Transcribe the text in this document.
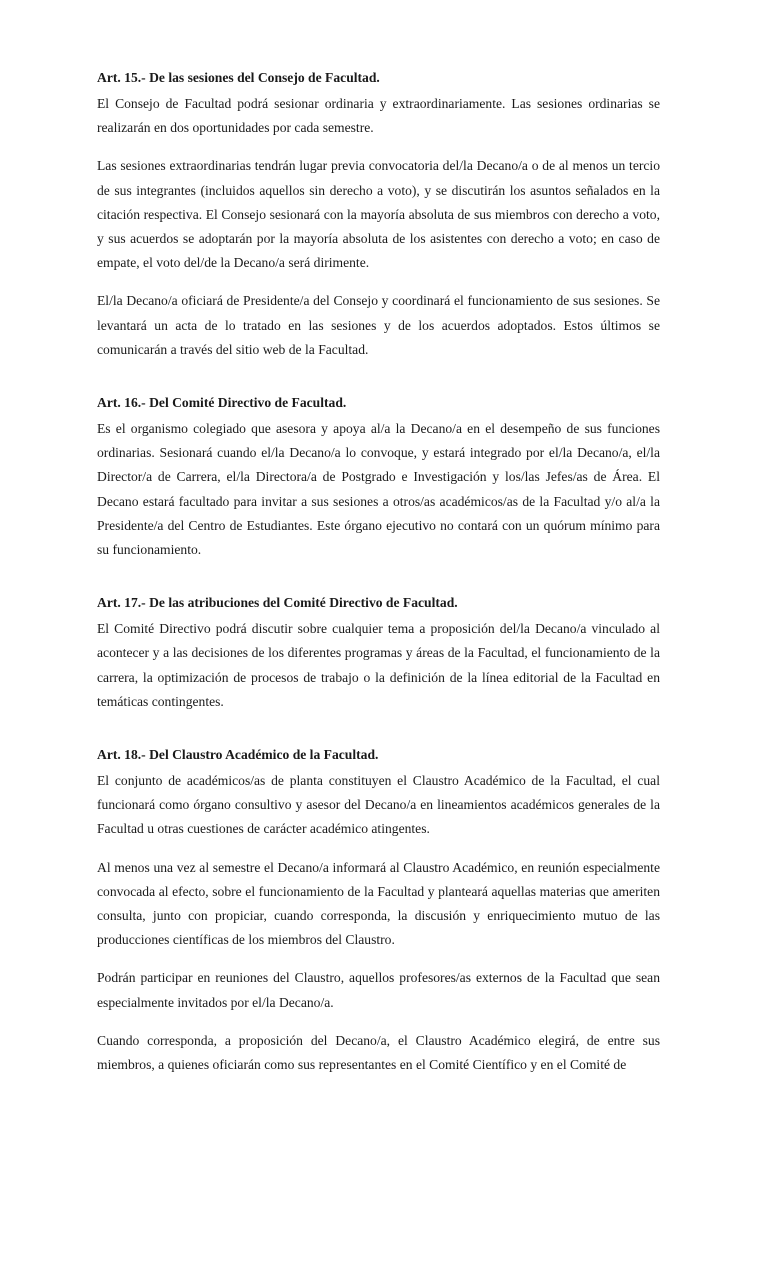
Art. 15.- De las sesiones del Consejo de Facultad.

El Consejo de Facultad podrá sesionar ordinaria y extraordinariamente. Las sesiones ordinarias se realizarán en dos oportunidades por cada semestre.

Las sesiones extraordinarias tendrán lugar previa convocatoria del/la Decano/a o de al menos un tercio de sus integrantes (incluidos aquellos sin derecho a voto), y se discutirán los asuntos señalados en la citación respectiva. El Consejo sesionará con la mayoría absoluta de sus miembros con derecho a voto, y sus acuerdos se adoptarán por la mayoría absoluta de los asistentes con derecho a voto; en caso de empate, el voto del/de la Decano/a será dirimente.

El/la Decano/a oficiará de Presidente/a del Consejo y coordinará el funcionamiento de sus sesiones. Se levantará un acta de lo tratado en las sesiones y de los acuerdos adoptados. Estos últimos se comunicarán a través del sitio web de la Facultad.

Art. 16.- Del Comité Directivo de Facultad.

Es el organismo colegiado que asesora y apoya al/a la Decano/a en el desempeño de sus funciones ordinarias. Sesionará cuando el/la Decano/a lo convoque, y estará integrado por el/la Decano/a, el/la Director/a de Carrera, el/la Directora/a de Postgrado e Investigación y los/las Jefes/as de Área. El Decano estará facultado para invitar a sus sesiones a otros/as académicos/as de la Facultad y/o al/a la Presidente/a del Centro de Estudiantes. Este órgano ejecutivo no contará con un quórum mínimo para su funcionamiento.

Art. 17.- De las atribuciones del Comité Directivo de Facultad.

El Comité Directivo podrá discutir sobre cualquier tema a proposición del/la Decano/a vinculado al acontecer y a las decisiones de los diferentes programas y áreas de la Facultad, el funcionamiento de la carrera, la optimización de procesos de trabajo o la definición de la línea editorial de la Facultad en temáticas contingentes.

Art. 18.- Del Claustro Académico de la Facultad.

El conjunto de académicos/as de planta constituyen el Claustro Académico de la Facultad, el cual funcionará como órgano consultivo y asesor del Decano/a en lineamientos académicos generales de la Facultad u otras cuestiones de carácter académico atingentes.

Al menos una vez al semestre el Decano/a informará al Claustro Académico, en reunión especialmente convocada al efecto, sobre el funcionamiento de la Facultad y planteará aquellas materias que ameriten consulta, junto con propiciar, cuando corresponda, la discusión y enriquecimiento mutuo de las producciones científicas de los miembros del Claustro.

Podrán participar en reuniones del Claustro, aquellos profesores/as externos de la Facultad que sean especialmente invitados por el/la Decano/a.

Cuando corresponda, a proposición del Decano/a, el Claustro Académico elegirá, de entre sus miembros, a quienes oficiarán como sus representantes en el Comité Científico y en el Comité de
